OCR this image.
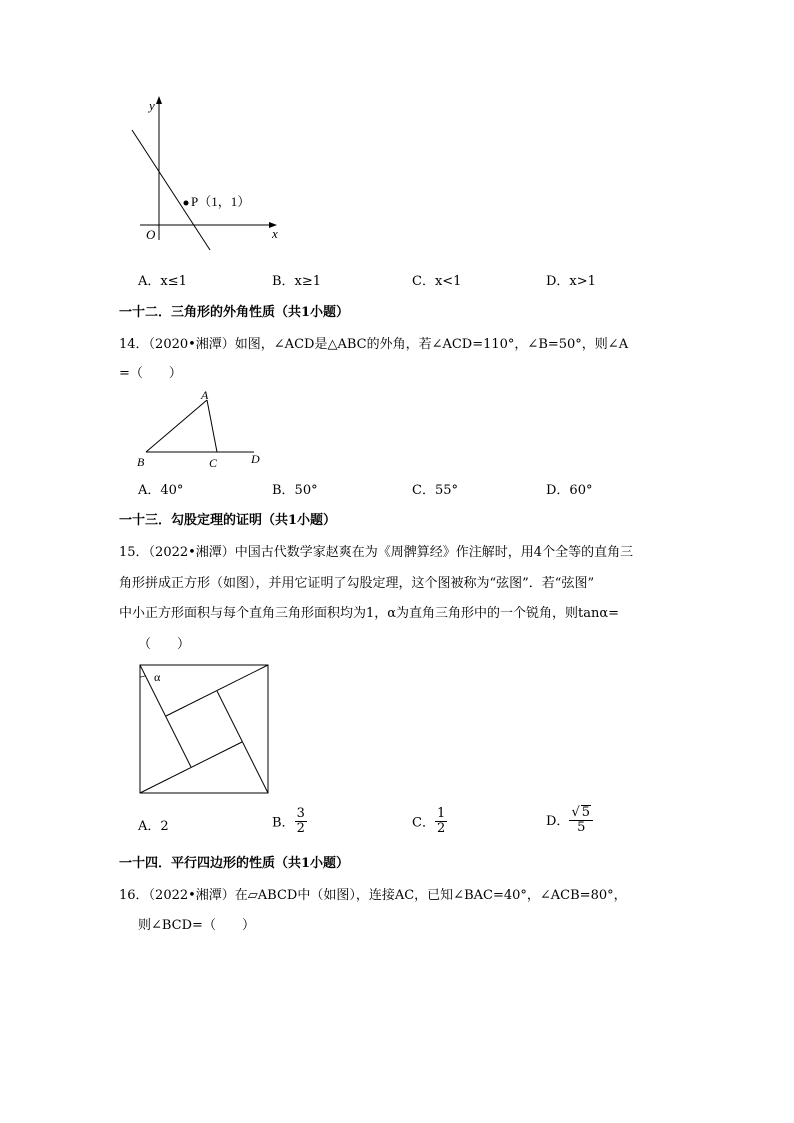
y
x
O
P（1，1）
A．x≤1	B．x≥1	C．x<1	D．x>1
一十二．三角形的外角性质（共1小题）
14．（2020•湘潭）如图，∠ACD是△ABC的外角，若∠ACD=110°，∠B=50°，则∠A
=（　　）
A
B	C	D
A．40°	B．50°	C．55°	D．60°
一十三．勾股定理的证明（共1小题）
15．（2022•湘潭）中国古代数学家赵爽在为《周髀算经》作注解时，用4个全等的直角三
角形拼成正方形（如图），并用它证明了勾股定理，这个图被称为“弦图”．若“弦图”
中小正方形面积与每个直角三角形面积均为1，α为直角三角形中的一个锐角，则tanα=
（　　）
α
A．2	B． $\frac{3}{2}$	C． $\frac{1}{2}$	D． $\frac{√ 5}{5}$
一十四．平行四边形的性质（共1小题）
16．（2022•湘潭）在▱ABCD中（如图），连接AC，已知∠BAC=40°，∠ACB=80°，
则∠BCD=（　　）
